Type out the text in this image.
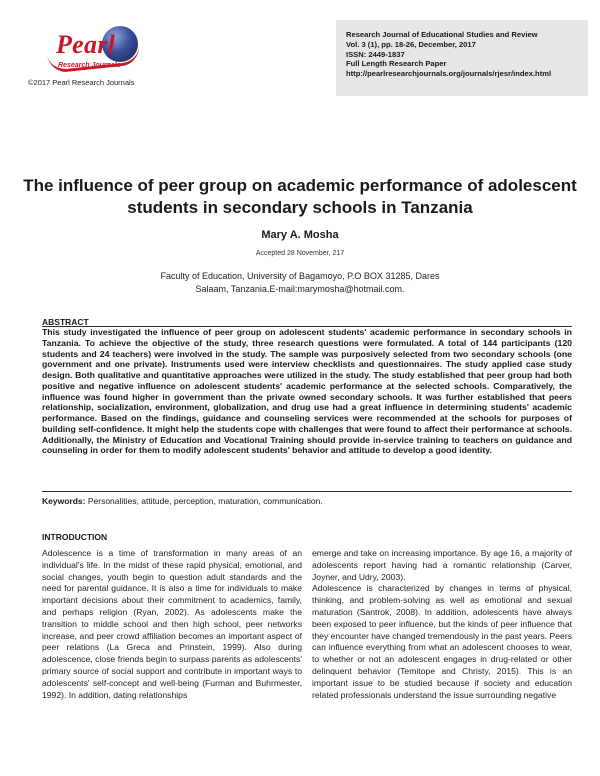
Pearl
Research Journals
©2017 Pearl Research Journals
Research Journal of Educational Studies and Review
Vol. 3 (1), pp. 18-26, December, 2017
ISSN: 2449-1837
Full Length Research Paper
http://pearlresearchjournals.org/journals/rjesr/index.html
The influence of peer group on academic performance of adolescent students in secondary schools in Tanzania
Mary A. Mosha
Accepted 28 November, 217
Faculty of Education, University of Bagamoyo, P.O BOX 31285, Dares Salaam, Tanzania.E-mail:marymosha@hotmail.com.
ABSTRACT
This study investigated the influence of peer group on adolescent students' academic performance in secondary schools in Tanzania. To achieve the objective of the study, three research questions were formulated. A total of 144 participants (120 students and 24 teachers) were involved in the study. The sample was purposively selected from two secondary schools (one government and one private). Instruments used were interview checklists and questionnaires. The study applied case study design. Both qualitative and quantitative approaches were utilized in the study. The study established that peer group had both positive and negative influence on adolescent students' academic performance at the selected schools. Comparatively, the influence was found higher in government than the private owned secondary schools. It was further established that peers relationship, socialization, environment, globalization, and drug use had a great influence in determining students' academic performance. Based on the findings, guidance and counseling services were recommended at the schools for purposes of building self-confidence. It might help the students cope with challenges that were found to affect their performance at schools. Additionally, the Ministry of Education and Vocational Training should provide in-service training to teachers on guidance and counseling in order for them to modify adolescent students' behavior and attitude to develop a good identity.
Keywords: Personalities, attitude, perception, maturation, communication.
INTRODUCTION

Adolescence is a time of transformation in many areas of an individual's life. In the midst of these rapid physical, emotional, and social changes, youth begin to question adult standards and the need for parental guidance. It is also a time for individuals to make important decisions about their commitment to academics, family, and perhaps religion (Ryan, 2002). As adolescents make the transition to middle school and then high school, peer networks increase, and peer crowd affiliation becomes an important aspect of peer relations (La Greca and Prinstein, 1999). Also during adolescence, close friends begin to surpass parents as adolescents' primary source of social support and contribute in important ways to adolescents' self-concept and well-being (Furman and Buhrmester, 1992). In addition, dating relationships

emerge and take on increasing importance. By age 16, a majority of adolescents report having had a romantic relationship (Carver, Joyner, and Udry, 2003).

Adolescence is characterized by changes in terms of physical, thinking, and problem-solving as well as emotional and sexual maturation (Santrok, 2008). In addition, adolescents have always been exposed to peer influence, but the kinds of peer influence that they encounter have changed tremendously in the past years. Peers can influence everything from what an adolescent chooses to wear, to whether or not an adolescent engages in drug-related or other delinquent behavior (Temitope and Christy, 2015). This is an important issue to be studied because if society and education related professionals understand the issue surrounding negative
